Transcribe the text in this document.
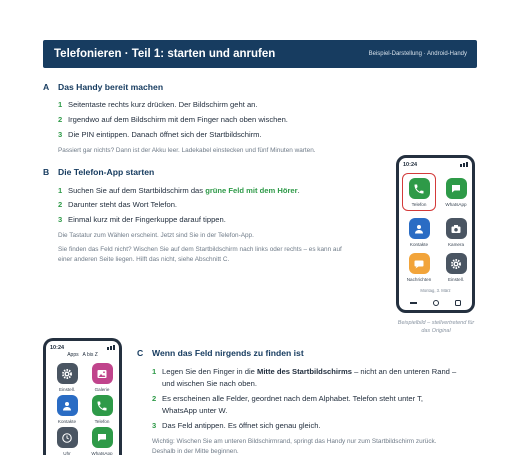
Telefonieren · Teil 1: starten und anrufen	Beispiel-Darstellung · Android-Handy
A	Das Handy bereit machen
1 Seitentaste rechts kurz drücken. Der Bildschirm geht an.
2 Irgendwo auf dem Bildschirm mit dem Finger nach oben wischen.
3 Die PIN eintippen. Danach öffnet sich der Startbildschirm.
Passiert gar nichts? Dann ist der Akku leer. Ladekabel einstecken und fünf Minuten warten.
B	Die Telefon-App starten
1 Suchen Sie auf dem Startbildschirm das grüne Feld mit dem Hörer.
2 Darunter steht das Wort Telefon.
3 Einmal kurz mit der Fingerkuppe darauf tippen.
Die Tastatur zum Wählen erscheint. Jetzt sind Sie in der Telefon-App.
Sie finden das Feld nicht? Wischen Sie auf dem Startbildschirm nach links oder rechts – es kann auf
einer anderen Seite liegen. Hilft das nicht, siehe Abschnitt C.
10:24
Telefon	WhatsApp
Kontakte	Kamera
Nachrichten	Einstell.
Montag, 3. März
Beispielbild – stellvertretend für
das Original
10:24
Apps   A bis Z
Einstell.	Galerie
Kontakte	Telefon
Uhr	WhatsApp
C	Wenn das Feld nirgends zu finden ist
1 Legen Sie den Finger in die Mitte des Startbildschirms – nicht an den unteren Rand –
und wischen Sie nach oben.
2 Es erscheinen alle Felder, geordnet nach dem Alphabet. Telefon steht unter T,
WhatsApp unter W.
3 Das Feld antippen. Es öffnet sich genau gleich.
Wichtig: Wischen Sie am unteren Bildschirmrand, springt das Handy nur zum Startbildschirm zurück.
Deshalb in der Mitte beginnen.
